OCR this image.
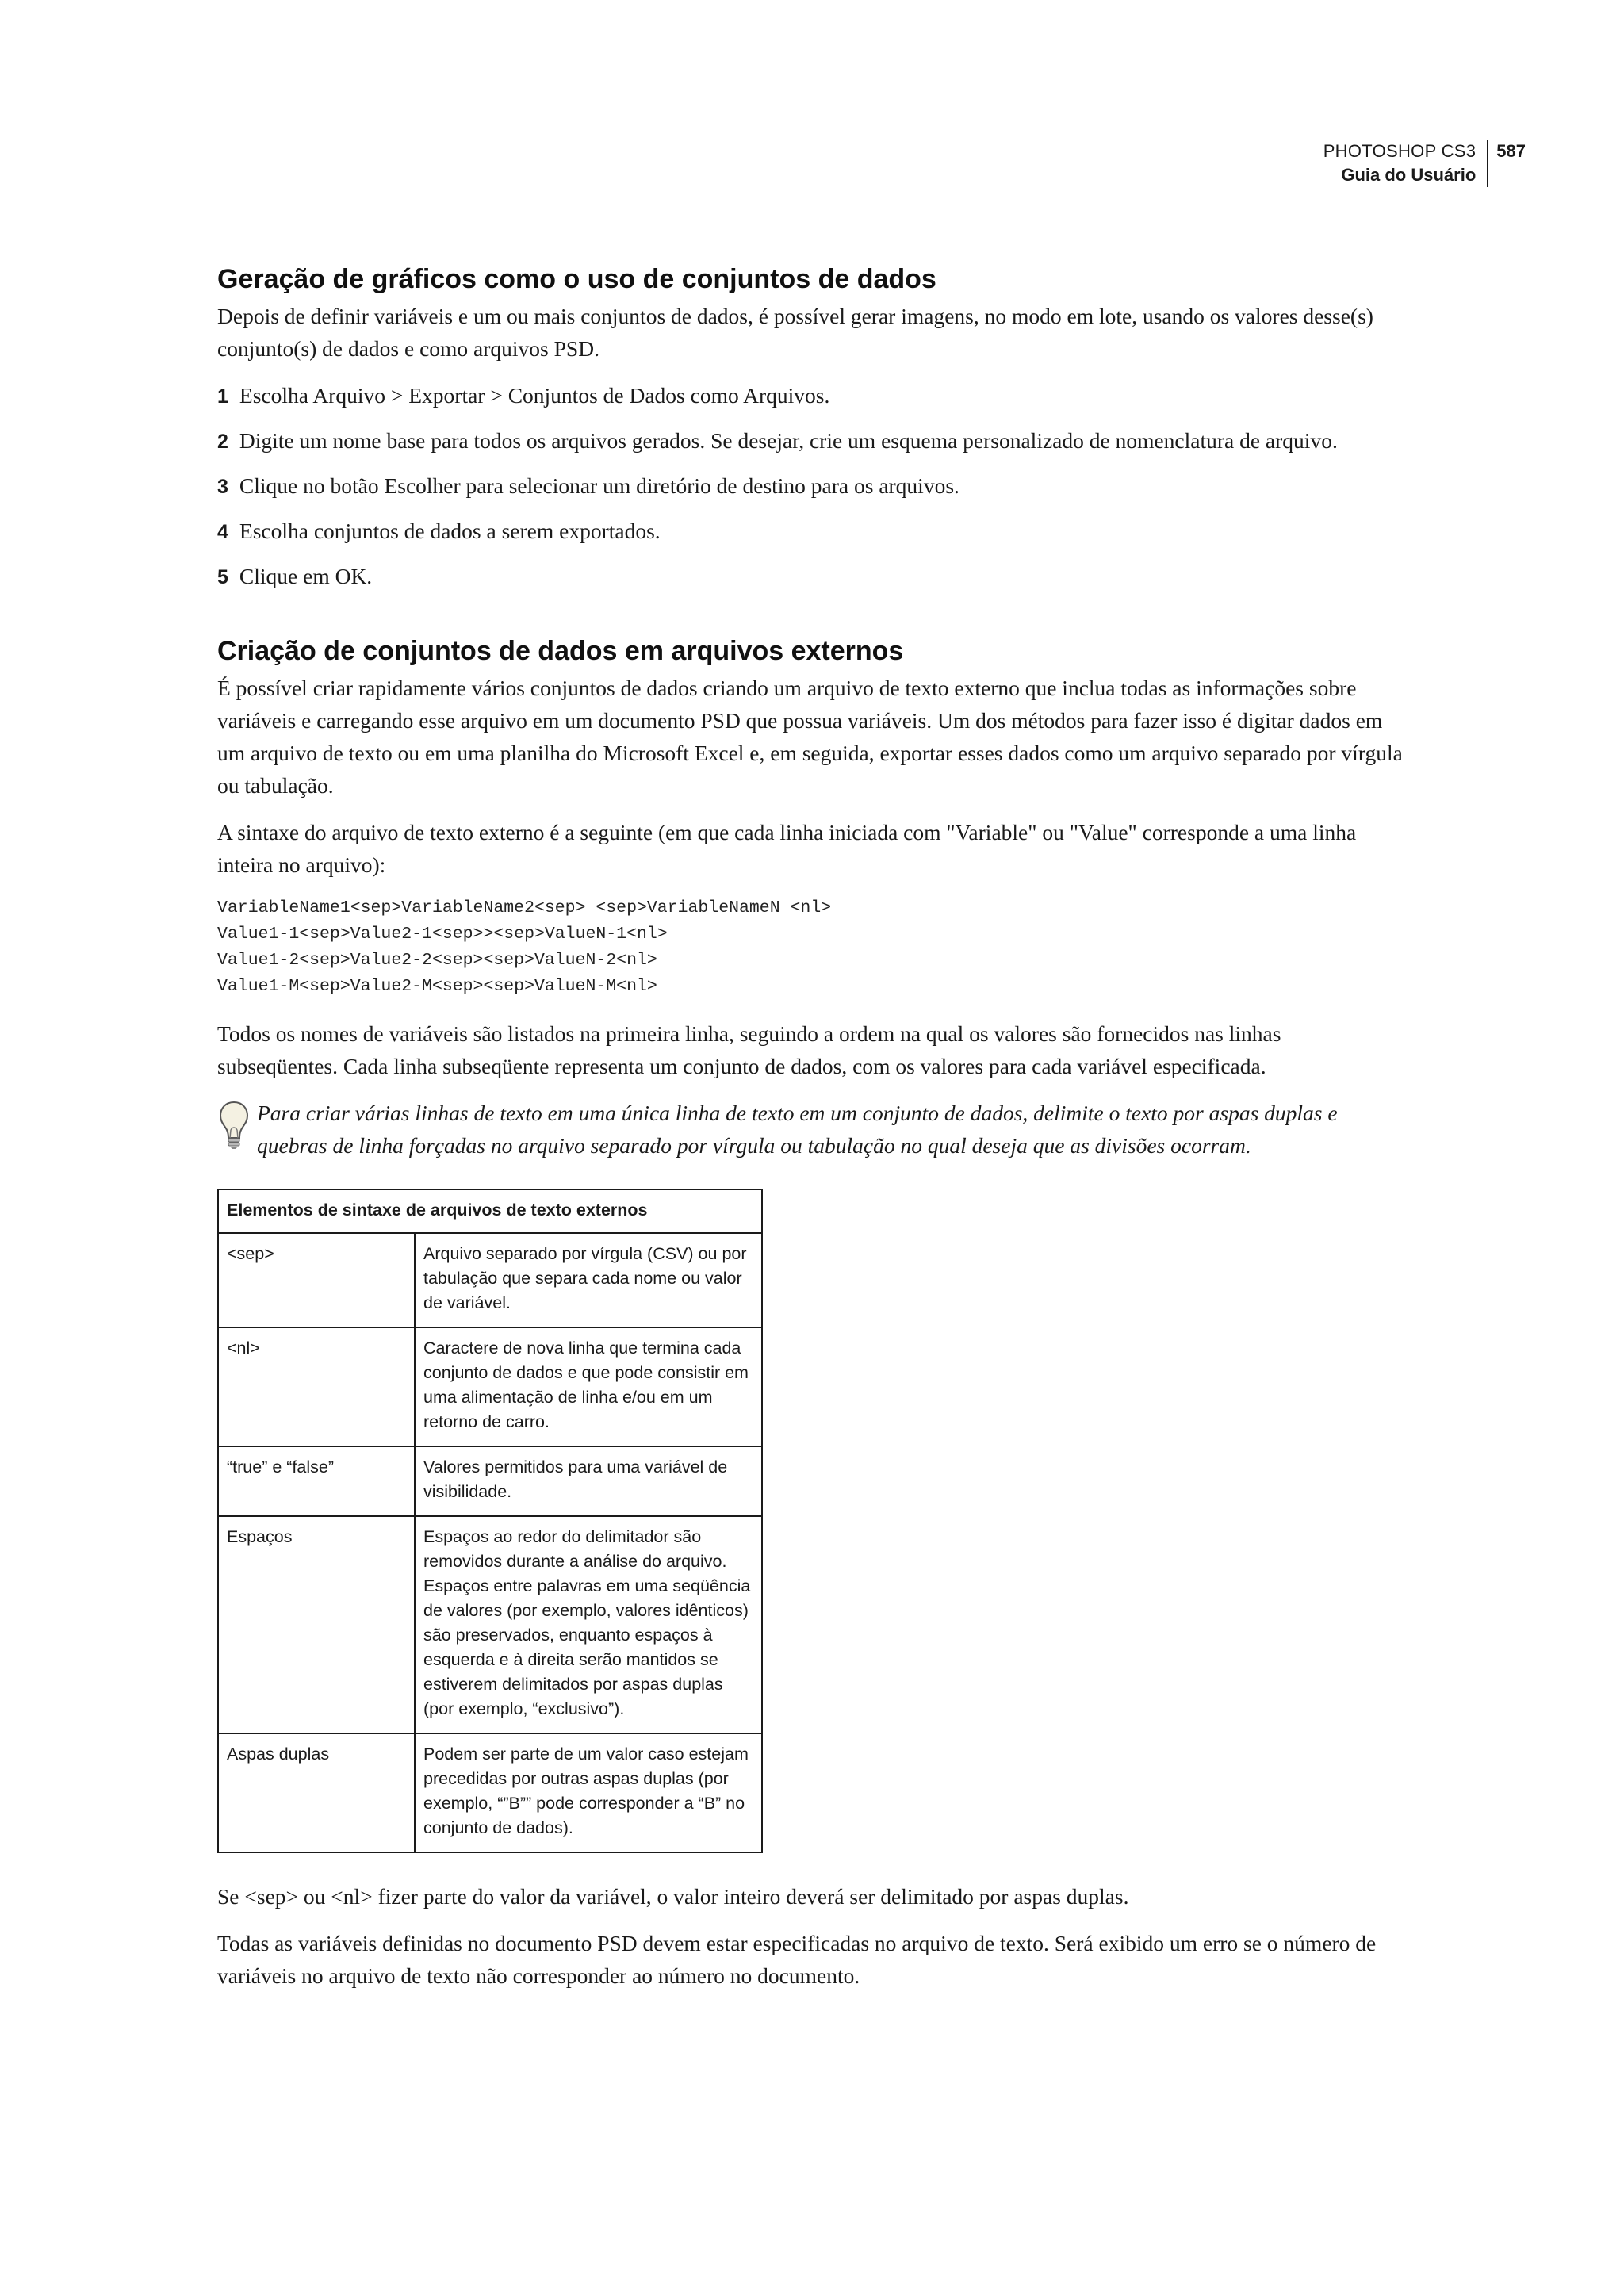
PHOTOSHOP CS3
Guia do Usuário
587
Geração de gráficos como o uso de conjuntos de dados

Depois de definir variáveis e um ou mais conjuntos de dados, é possível gerar imagens, no modo em lote, usando os valores desse(s) conjunto(s) de dados e como arquivos PSD.

1 Escolha Arquivo > Exportar > Conjuntos de Dados como Arquivos.
2 Digite um nome base para todos os arquivos gerados. Se desejar, crie um esquema personalizado de nomenclatura de arquivo.
3 Clique no botão Escolher para selecionar um diretório de destino para os arquivos.
4 Escolha conjuntos de dados a serem exportados.
5 Clique em OK.
Criação de conjuntos de dados em arquivos externos

É possível criar rapidamente vários conjuntos de dados criando um arquivo de texto externo que inclua todas as informações sobre variáveis e carregando esse arquivo em um documento PSD que possua variáveis. Um dos métodos para fazer isso é digitar dados em um arquivo de texto ou em uma planilha do Microsoft Excel e, em seguida, exportar esses dados como um arquivo separado por vírgula ou tabulação.

A sintaxe do arquivo de texto externo é a seguinte (em que cada linha iniciada com "Variable" ou "Value" corresponde a uma linha inteira no arquivo):

VariableName1<sep>VariableName2<sep> <sep>VariableNameN <nl>
Value1-1<sep>Value2-1<sep>><sep>ValueN-1<nl>
Value1-2<sep>Value2-2<sep><sep>ValueN-2<nl>
Value1-M<sep>Value2-M<sep><sep>ValueN-M<nl>

Todos os nomes de variáveis são listados na primeira linha, seguindo a ordem na qual os valores são fornecidos nas linhas subseqüentes. Cada linha subseqüente representa um conjunto de dados, com os valores para cada variável especificada.

Para criar várias linhas de texto em uma única linha de texto em um conjunto de dados, delimite o texto por aspas duplas e quebras de linha forçadas no arquivo separado por vírgula ou tabulação no qual deseja que as divisões ocorram.

Elementos de sintaxe de arquivos de texto externos	
<sep>	Arquivo separado por vírgula (CSV) ou por tabulação que separa cada nome ou valor de variável.
<nl>	Caractere de nova linha que termina cada conjunto de dados e que pode consistir em uma alimentação de linha e/ou em um retorno de carro.
“true” e “false”	Valores permitidos para uma variável de visibilidade.
Espaços	Espaços ao redor do delimitador são removidos durante a análise do arquivo. Espaços entre palavras em uma seqüência de valores (por exemplo, valores idênticos) são preservados, enquanto espaços à esquerda e à direita serão mantidos se estiverem delimitados por aspas duplas (por exemplo, “exclusivo”).
Aspas duplas	Podem ser parte de um valor caso estejam precedidas por outras aspas duplas (por exemplo, “”B”” pode corresponder a “B” no conjunto de dados).

Se <sep> ou <nl> fizer parte do valor da variável, o valor inteiro deverá ser delimitado por aspas duplas.

Todas as variáveis definidas no documento PSD devem estar especificadas no arquivo de texto. Será exibido um erro se o número de variáveis no arquivo de texto não corresponder ao número no documento.
